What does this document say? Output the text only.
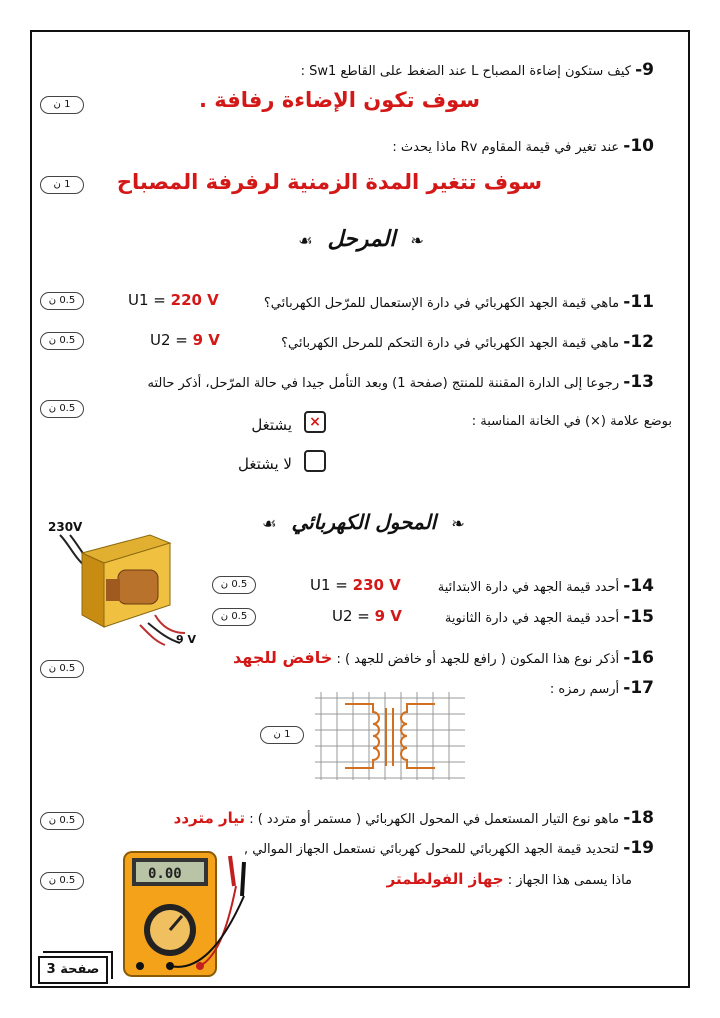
9- كيف ستكون إضاءة المصباح L عند الضغط على القاطع Sw1 :
سوف تكون الإضاءة رفافة .
1 ن
10- عند تغير في قيمة المقاوم Rv ماذا يحدث :
سوف تتغير المدة الزمنية لرفرفة المصباح
1 ن
☙ المرحل ❧
11- ماهي قيمة الجهد الكهربائي في دارة الإستعمال للمرّحل الكهربائي؟
U1 = 220 V
0.5 ن
12- ماهي قيمة الجهد الكهربائي في دارة التحكم للمرحل الكهربائي؟
U2 = 9 V
0.5 ن
13- رجوعا إلى الدارة المقننة للمنتج (صفحة 1) وبعد التأمل جيدا في حالة المرّحل، أذكر حالته
بوضع علامة (×) في الخانة المناسبة :
0.5 ن
×
يشتغل
لا يشتغل
☙ المحول الكهربائي ❧
230V
9 V
14- أحدد قيمة الجهد في دارة الابتدائية
U1 = 230 V
0.5 ن
15- أحدد قيمة الجهد في دارة الثانوية
U2 = 9 V
0.5 ن
16- أذكر نوع هذا المكون ( رافع للجهد أو خافض للجهد ) : خافض للجهد
0.5 ن
17- أرسم رمزه :
1 ن
18- ماهو نوع التيار المستعمل في المحول الكهربائي ( مستمر أو متردد ) : تيار متردد
0.5 ن
19- لتحديد قيمة الجهد الكهربائي للمحول كهربائي نستعمل الجهاز الموالي ,
ماذا يسمى هذا الجهاز : جهاز الفولطمتر
0.5 ن	0.00
صفحة 3
